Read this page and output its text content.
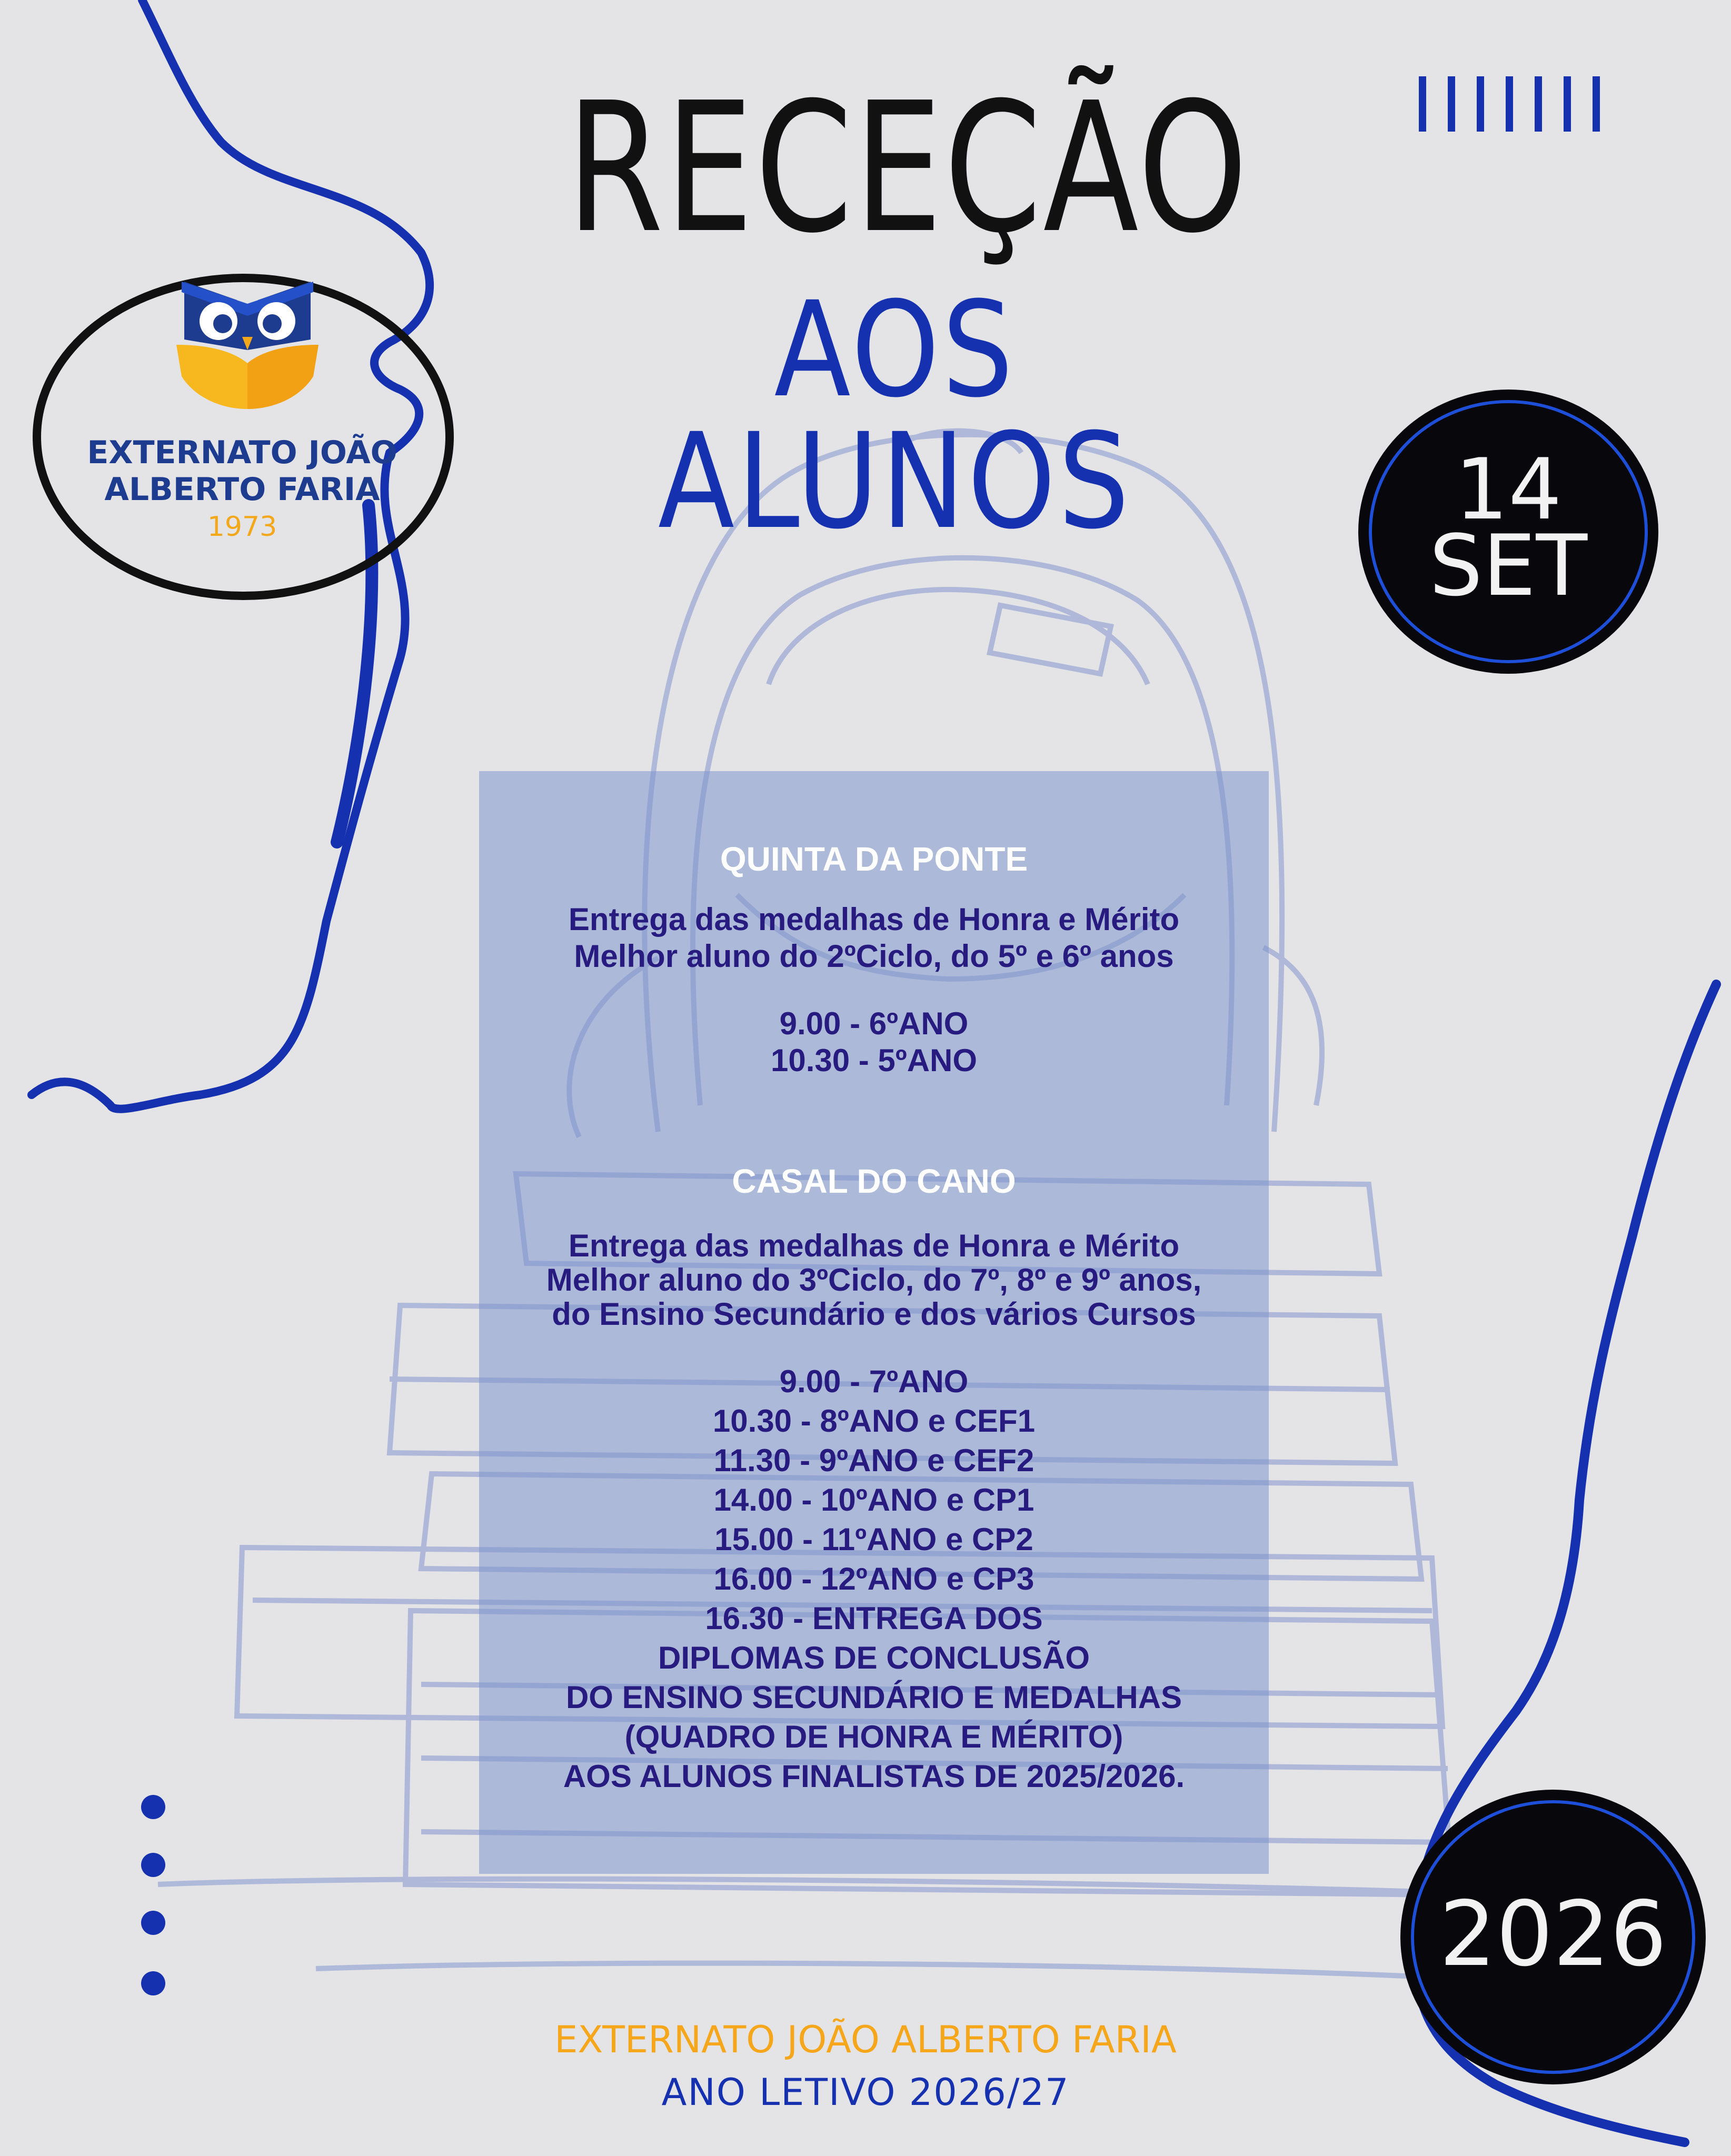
RECEÇÃO
AOS ALUNOS
EXTERNATO JOÃO
ALBERTO FARIA
1973	14
SET
2026
QUINTA DA PONTE
Entrega das medalhas de Honra e Mérito
Melhor aluno do 2ºCiclo, do 5º e 6º anos
9.00 - 6ºANO
10.30 - 5ºANO
CASAL DO CANO
Entrega das medalhas de Honra e Mérito
Melhor aluno do 3ºCiclo, do 7º, 8º e 9º anos,
do Ensino Secundário e dos vários Cursos
9.00 - 7ºANO
10.30 - 8ºANO e CEF1
11.30 - 9ºANO e CEF2
14.00 - 10ºANO e CP1
15.00 - 11ºANO e CP2
16.00 - 12ºANO e CP3
16.30 - ENTREGA DOS
DIPLOMAS DE CONCLUSÃO
DO ENSINO SECUNDÁRIO E MEDALHAS
(QUADRO DE HONRA E MÉRITO)
AOS ALUNOS FINALISTAS DE 2025/2026.
EXTERNATO JOÃO ALBERTO FARIA
ANO LETIVO 2026/27
